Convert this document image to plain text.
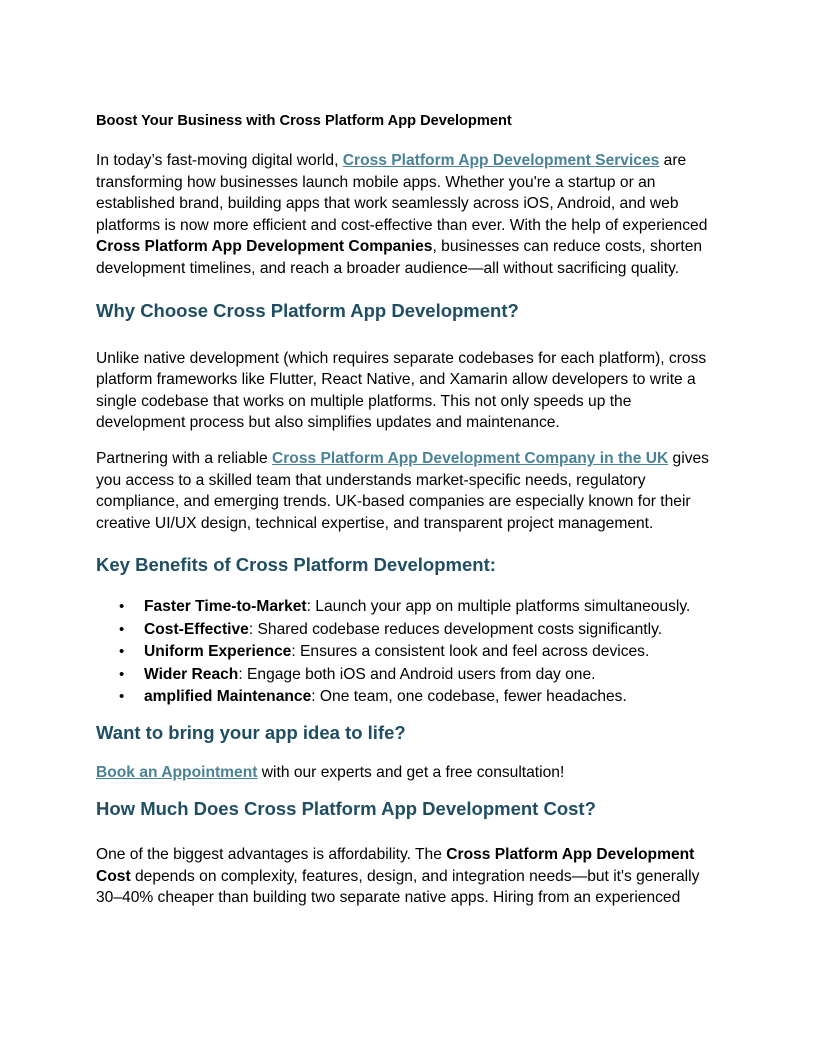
Boost Your Business with Cross Platform App Development

In today’s fast-moving digital world, Cross Platform App Development Services are transforming how businesses launch mobile apps. Whether you're a startup or an established brand, building apps that work seamlessly across iOS, Android, and web platforms is now more efficient and cost-effective than ever. With the help of experienced Cross Platform App Development Companies, businesses can reduce costs, shorten development timelines, and reach a broader audience—all without sacrificing quality.

Why Choose Cross Platform App Development?

Unlike native development (which requires separate codebases for each platform), cross platform frameworks like Flutter, React Native, and Xamarin allow developers to write a single codebase that works on multiple platforms. This not only speeds up the development process but also simplifies updates and maintenance.

Partnering with a reliable Cross Platform App Development Company in the UK gives you access to a skilled team that understands market-specific needs, regulatory compliance, and emerging trends. UK-based companies are especially known for their creative UI/UX design, technical expertise, and transparent project management.

Key Benefits of Cross Platform Development:
• Faster Time-to-Market: Launch your app on multiple platforms simultaneously.
• Cost-Effective: Shared codebase reduces development costs significantly.
• Uniform Experience: Ensures a consistent look and feel across devices.
• Wider Reach: Engage both iOS and Android users from day one.
• amplified Maintenance: One team, one codebase, fewer headaches.
Want to bring your app idea to life?

Book an Appointment with our experts and get a free consultation!

How Much Does Cross Platform App Development Cost?

One of the biggest advantages is affordability. The Cross Platform App Development Cost depends on complexity, features, design, and integration needs—but it's generally 30–40% cheaper than building two separate native apps. Hiring from an experienced
